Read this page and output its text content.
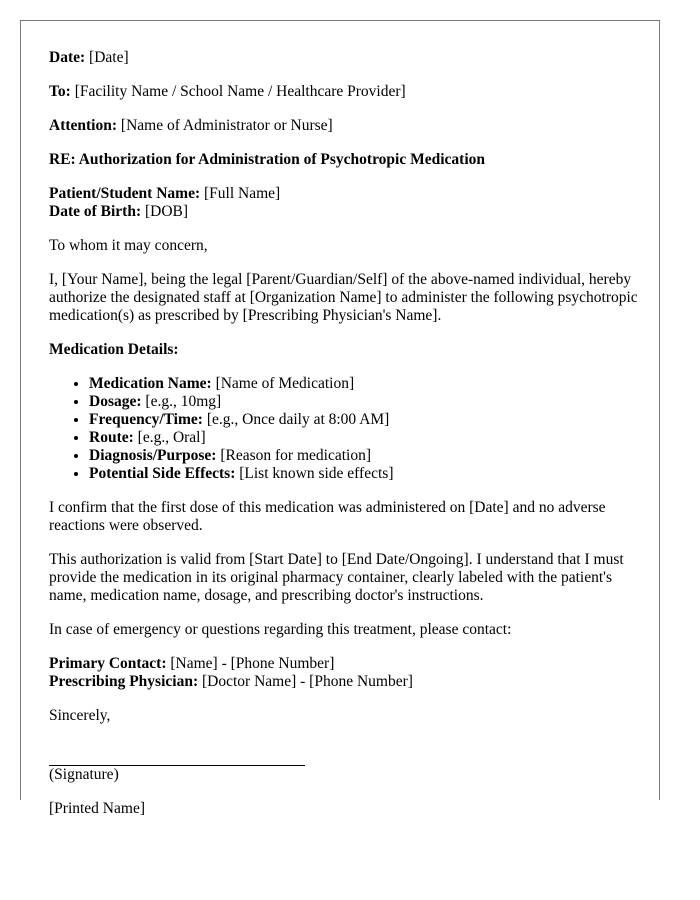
Date: [Date]

To: [Facility Name / School Name / Healthcare Provider]

Attention: [Name of Administrator or Nurse]

RE: Authorization for Administration of Psychotropic Medication

Patient/Student Name: [Full Name]
Date of Birth: [DOB]

To whom it may concern,

I, [Your Name], being the legal [Parent/Guardian/Self] of the above-named individual, hereby authorize the designated staff at [Organization Name] to administer the following psychotropic medication(s) as prescribed by [Prescribing Physician's Name].

Medication Details:

• Medication Name: [Name of Medication]
• Dosage: [e.g., 10mg]
• Frequency/Time: [e.g., Once daily at 8:00 AM]
• Route: [e.g., Oral]
• Diagnosis/Purpose: [Reason for medication]
• Potential Side Effects: [List known side effects]

I confirm that the first dose of this medication was administered on [Date] and no adverse reactions were observed.

This authorization is valid from [Start Date] to [End Date/Ongoing]. I understand that I must provide the medication in its original pharmacy container, clearly labeled with the patient's name, medication name, dosage, and prescribing doctor's instructions.

In case of emergency or questions regarding this treatment, please contact:

Primary Contact: [Name] - [Phone Number]
Prescribing Physician: [Doctor Name] - [Phone Number]

Sincerely,

(Signature)

[Printed Name]
